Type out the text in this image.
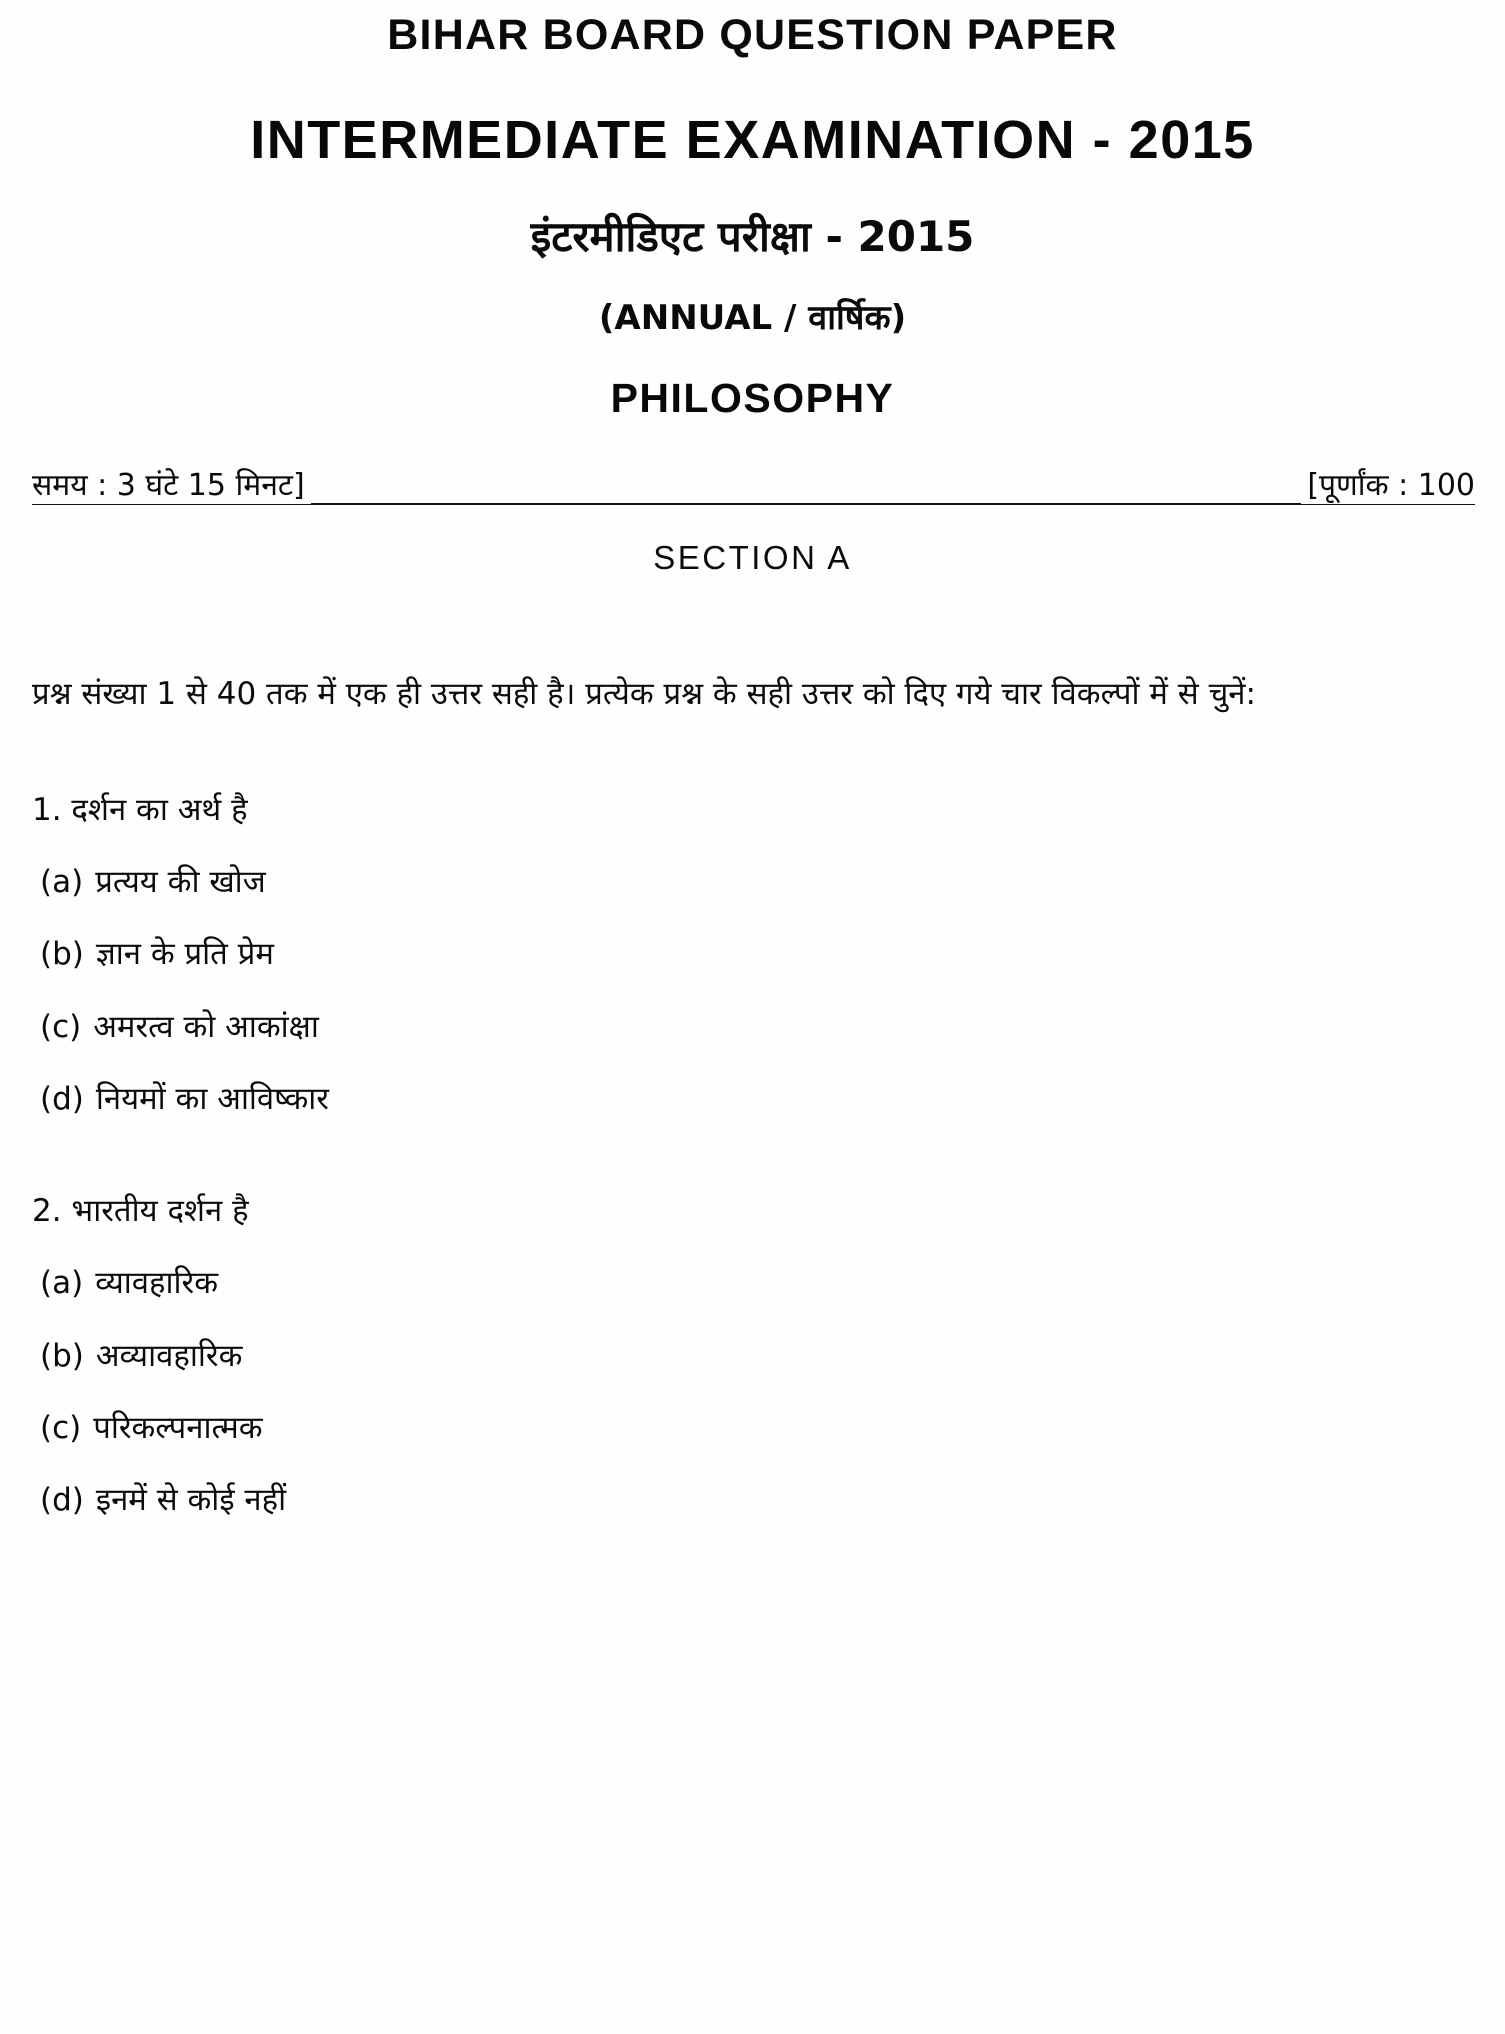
BIHAR BOARD QUESTION PAPER
INTERMEDIATE EXAMINATION - 2015
इंटरमीडिएट परीक्षा - 2015
(ANNUAL / वार्षिक)
PHILOSOPHY
समय : 3 घंटे 15 मिनट]	[पूर्णांक : 100
SECTION A
प्रश्न संख्या 1 से 40 तक में एक ही उत्तर सही है। प्रत्येक प्रश्न के सही उत्तर को दिए गये चार विकल्पों में से चुनें:
1. दर्शन का अर्थ है
(a) प्रत्यय की खोज
(b) ज्ञान के प्रति प्रेम
(c) अमरत्व को आकांक्षा
(d) नियमों का आविष्कार
2. भारतीय दर्शन है
(a) व्यावहारिक
(b) अव्यावहारिक
(c) परिकल्पनात्मक
(d) इनमें से कोई नहीं
